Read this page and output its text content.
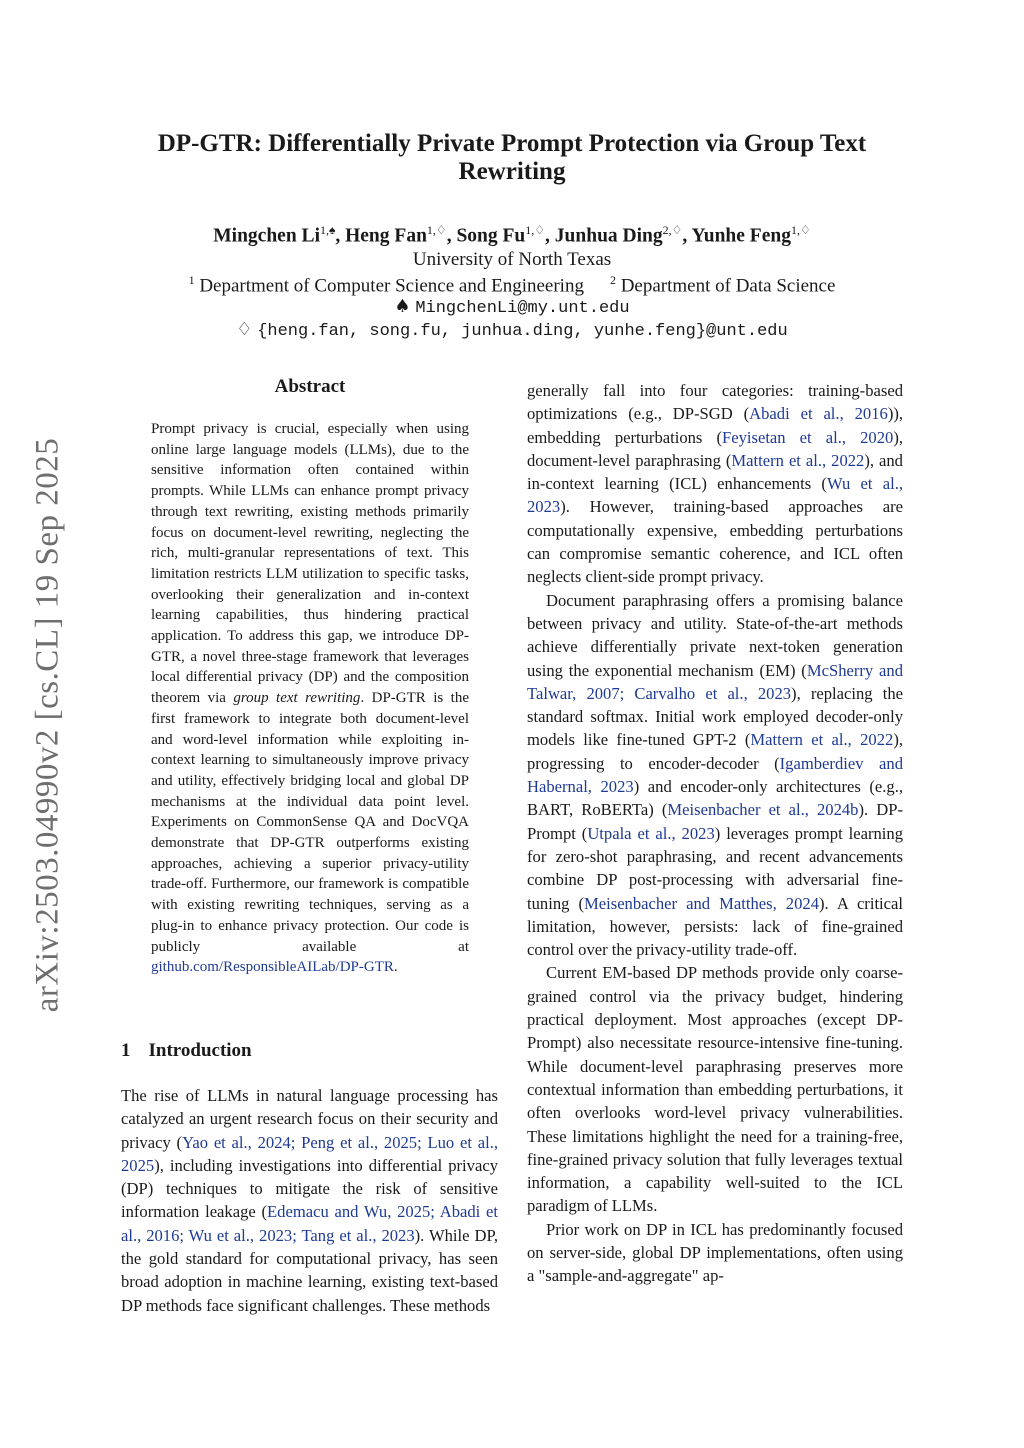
arXiv:2503.04990v2 [cs.CL] 19 Sep 2025
DP-GTR: Differentially Private Prompt Protection via Group Text Rewriting
Mingchen $Li^{1,♠}$, Heng Fan$^{1,♢}$, Song $Fu^{1,♢}$, Junhua Ding$^{2,♢}$, Yunhe Feng$^{1,♢}$
University of North Texas
$^1$ Department of Computer Science and Engineering $^2$ Department of Data Science
♠ MingchenLi@my.unt.edu
♢ {heng.fan, song.fu, junhua.ding, yunhe.feng}@unt.edu
Abstract

Prompt privacy is crucial, especially when using online large language models (LLMs), due to the sensitive information often contained within prompts. While LLMs can enhance prompt privacy through text rewriting, existing methods primarily focus on document-level rewriting, neglecting the rich, multi-granular representations of text. This limitation restricts LLM utilization to specific tasks, overlooking their generalization and in-context learning capabilities, thus hindering practical application. To address this gap, we introduce DP-GTR, a novel three-stage framework that leverages local differential privacy (DP) and the composition theorem via group text rewriting. DP-GTR is the first framework to integrate both document-level and word-level information while exploiting in-context learning to simultaneously improve privacy and utility, effectively bridging local and global DP mechanisms at the individual data point level. Experiments on CommonSense QA and DocVQA demonstrate that DP-GTR outperforms existing approaches, achieving a superior privacy-utility trade-off. Furthermore, our framework is compatible with existing rewriting techniques, serving as a plug-in to enhance privacy protection. Our code is publicly available at github.com/ResponsibleAILab/DP-GTR.

1 Introduction

The rise of LLMs in natural language processing has catalyzed an urgent research focus on their security and privacy (Yao et al., 2024; Peng et al., 2025; Luo et al., 2025), including investigations into differential privacy (DP) techniques to mitigate the risk of sensitive information leakage (Edemacu and Wu, 2025; Abadi et al., 2016; Wu et al., 2023; Tang et al., 2023). While DP, the gold standard for computational privacy, has seen broad adoption in machine learning, existing text-based DP methods face significant challenges. These methods

generally fall into four categories: training-based optimizations (e.g., DP-SGD (Abadi et al., 2016)), embedding perturbations (Feyisetan et al., 2020), document-level paraphrasing (Mattern et al., 2022), and in-context learning (ICL) enhancements (Wu et al., 2023). However, training-based approaches are computationally expensive, embedding perturbations can compromise semantic coherence, and ICL often neglects client-side prompt privacy.

Document paraphrasing offers a promising balance between privacy and utility. State-of-the-art methods achieve differentially private next-token generation using the exponential mechanism (EM) (McSherry and Talwar, 2007; Carvalho et al., 2023), replacing the standard softmax. Initial work employed decoder-only models like fine-tuned GPT-2 (Mattern et al., 2022), progressing to encoder-decoder (Igamberdiev and Habernal, 2023) and encoder-only architectures (e.g., BART, RoBERTa) (Meisenbacher et al., 2024b). DP-Prompt (Utpala et al., 2023) leverages prompt learning for zero-shot paraphrasing, and recent advancements combine DP post-processing with adversarial fine-tuning (Meisenbacher and Matthes, 2024). A critical limitation, however, persists: lack of fine-grained control over the privacy-utility trade-off.

Current EM-based DP methods provide only coarse-grained control via the privacy budget, hindering practical deployment. Most approaches (except DP-Prompt) also necessitate resource-intensive fine-tuning. While document-level paraphrasing preserves more contextual information than embedding perturbations, it often overlooks word-level privacy vulnerabilities. These limitations highlight the need for a training-free, fine-grained privacy solution that fully leverages textual information, a capability well-suited to the ICL paradigm of LLMs.

Prior work on DP in ICL has predominantly focused on server-side, global DP implementations, often using a "sample-and-aggregate" ap-
